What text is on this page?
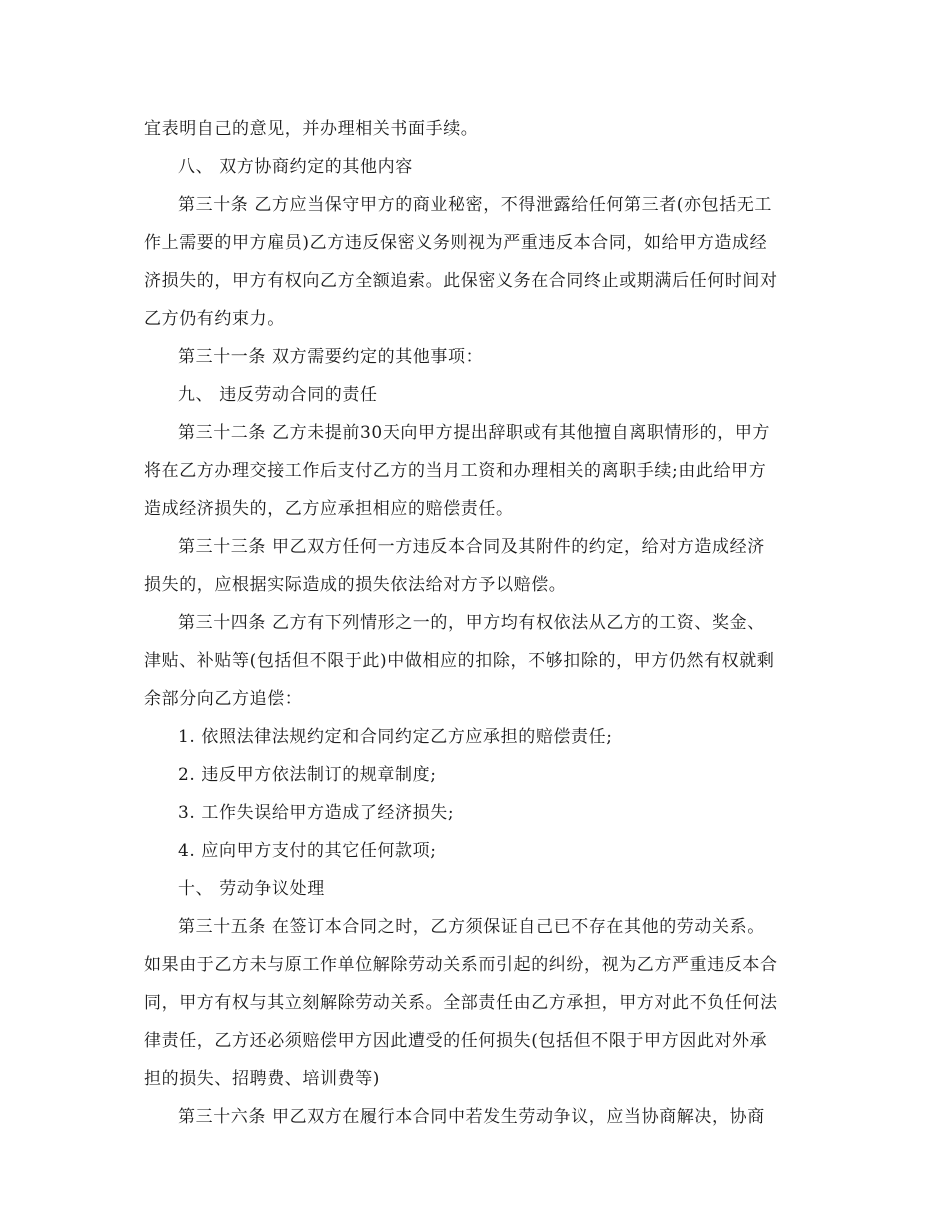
宜表明自己的意见，并办理相关书面手续。
八、 双方协商约定的其他内容
第三十条 乙方应当保守甲方的商业秘密，不得泄露给任何第三者(亦包括无工
作上需要的甲方雇员)乙方违反保密义务则视为严重违反本合同，如给甲方造成经
济损失的，甲方有权向乙方全额追索。此保密义务在合同终止或期满后任何时间对
乙方仍有约束力。
第三十一条 双方需要约定的其他事项：
九、 违反劳动合同的责任
第三十二条 乙方未提前30天向甲方提出辞职或有其他擅自离职情形的，甲方
将在乙方办理交接工作后支付乙方的当月工资和办理相关的离职手续;由此给甲方
造成经济损失的，乙方应承担相应的赔偿责任。
第三十三条 甲乙双方任何一方违反本合同及其附件的约定，给对方造成经济
损失的，应根据实际造成的损失依法给对方予以赔偿。
第三十四条 乙方有下列情形之一的，甲方均有权依法从乙方的工资、奖金、
津贴、补贴等(包括但不限于此)中做相应的扣除，不够扣除的，甲方仍然有权就剩
余部分向乙方追偿：
1. 依照法律法规约定和合同约定乙方应承担的赔偿责任;
2. 违反甲方依法制订的规章制度;
3. 工作失误给甲方造成了经济损失;
4. 应向甲方支付的其它任何款项;
十、 劳动争议处理
第三十五条 在签订本合同之时，乙方须保证自己已不存在其他的劳动关系。
如果由于乙方未与原工作单位解除劳动关系而引起的纠纷，视为乙方严重违反本合
同，甲方有权与其立刻解除劳动关系。全部责任由乙方承担，甲方对此不负任何法
律责任，乙方还必须赔偿甲方因此遭受的任何损失(包括但不限于甲方因此对外承
担的损失、招聘费、培训费等)
第三十六条 甲乙双方在履行本合同中若发生劳动争议，应当协商解决，协商
